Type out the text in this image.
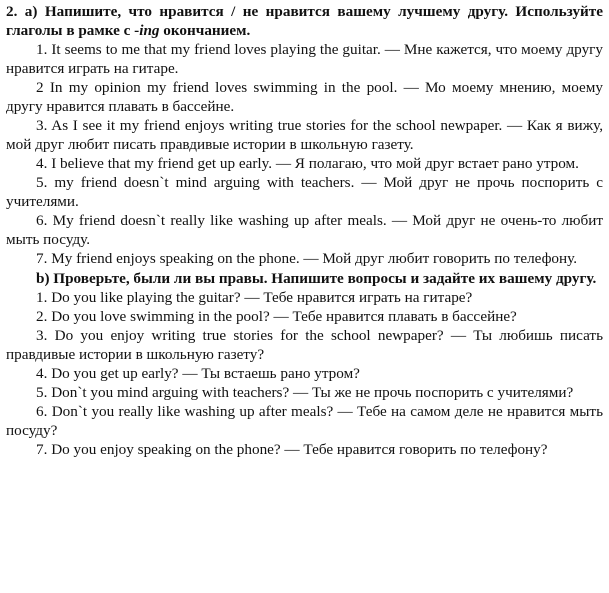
2. а) Напишите, что нравится / не нравится вашему лучшему другу. Используйте глаголы в рамке с -ing окончанием.

1. It seems to me that my friend loves playing the guitar. — Мне кажется, что моему другу нравится играть на гитаре.

2 In my opinion my friend loves swimming in the pool. — Мо моему мнению, моему другу нравится плавать в бассейне.

3. As I see it my friend enjoys writing true stories for the school newpaper. — Как я вижу, мой друг любит писать правдивые истории в школьную газету.

4. I believe that my friend get up early. — Я полагаю, что мой друг встает рано утром.

5. my friend doesn`t mind arguing with teachers. — Мой друг не прочь поспорить с учителями.

6. My friend doesn`t really like washing up after meals. — Мой друг не очень-то любит мыть посуду.

7. My friend enjoys speaking on the phone. — Мой друг любит говорить по телефону.

b) Проверьте, были ли вы правы. Напишите вопросы и задайте их вашему другу.

1. Do you like playing the guitar? — Тебе нравится играть на гитаре?

2. Do you love swimming in the pool? — Тебе нравится плавать в бассейне?

3. Do you enjoy writing true stories for the school newpaper? — Ты любишь писать правдивые истории в школьную газету?

4. Do you get up early? — Ты встаешь рано утром?

5. Don`t you mind arguing with teachers? — Ты же не прочь поспорить с учителями?

6. Don`t you really like washing up after meals? — Тебе на самом деле не нравится мыть посуду?

7. Do you enjoy speaking on the phone? — Тебе нравится говорить по телефону?
